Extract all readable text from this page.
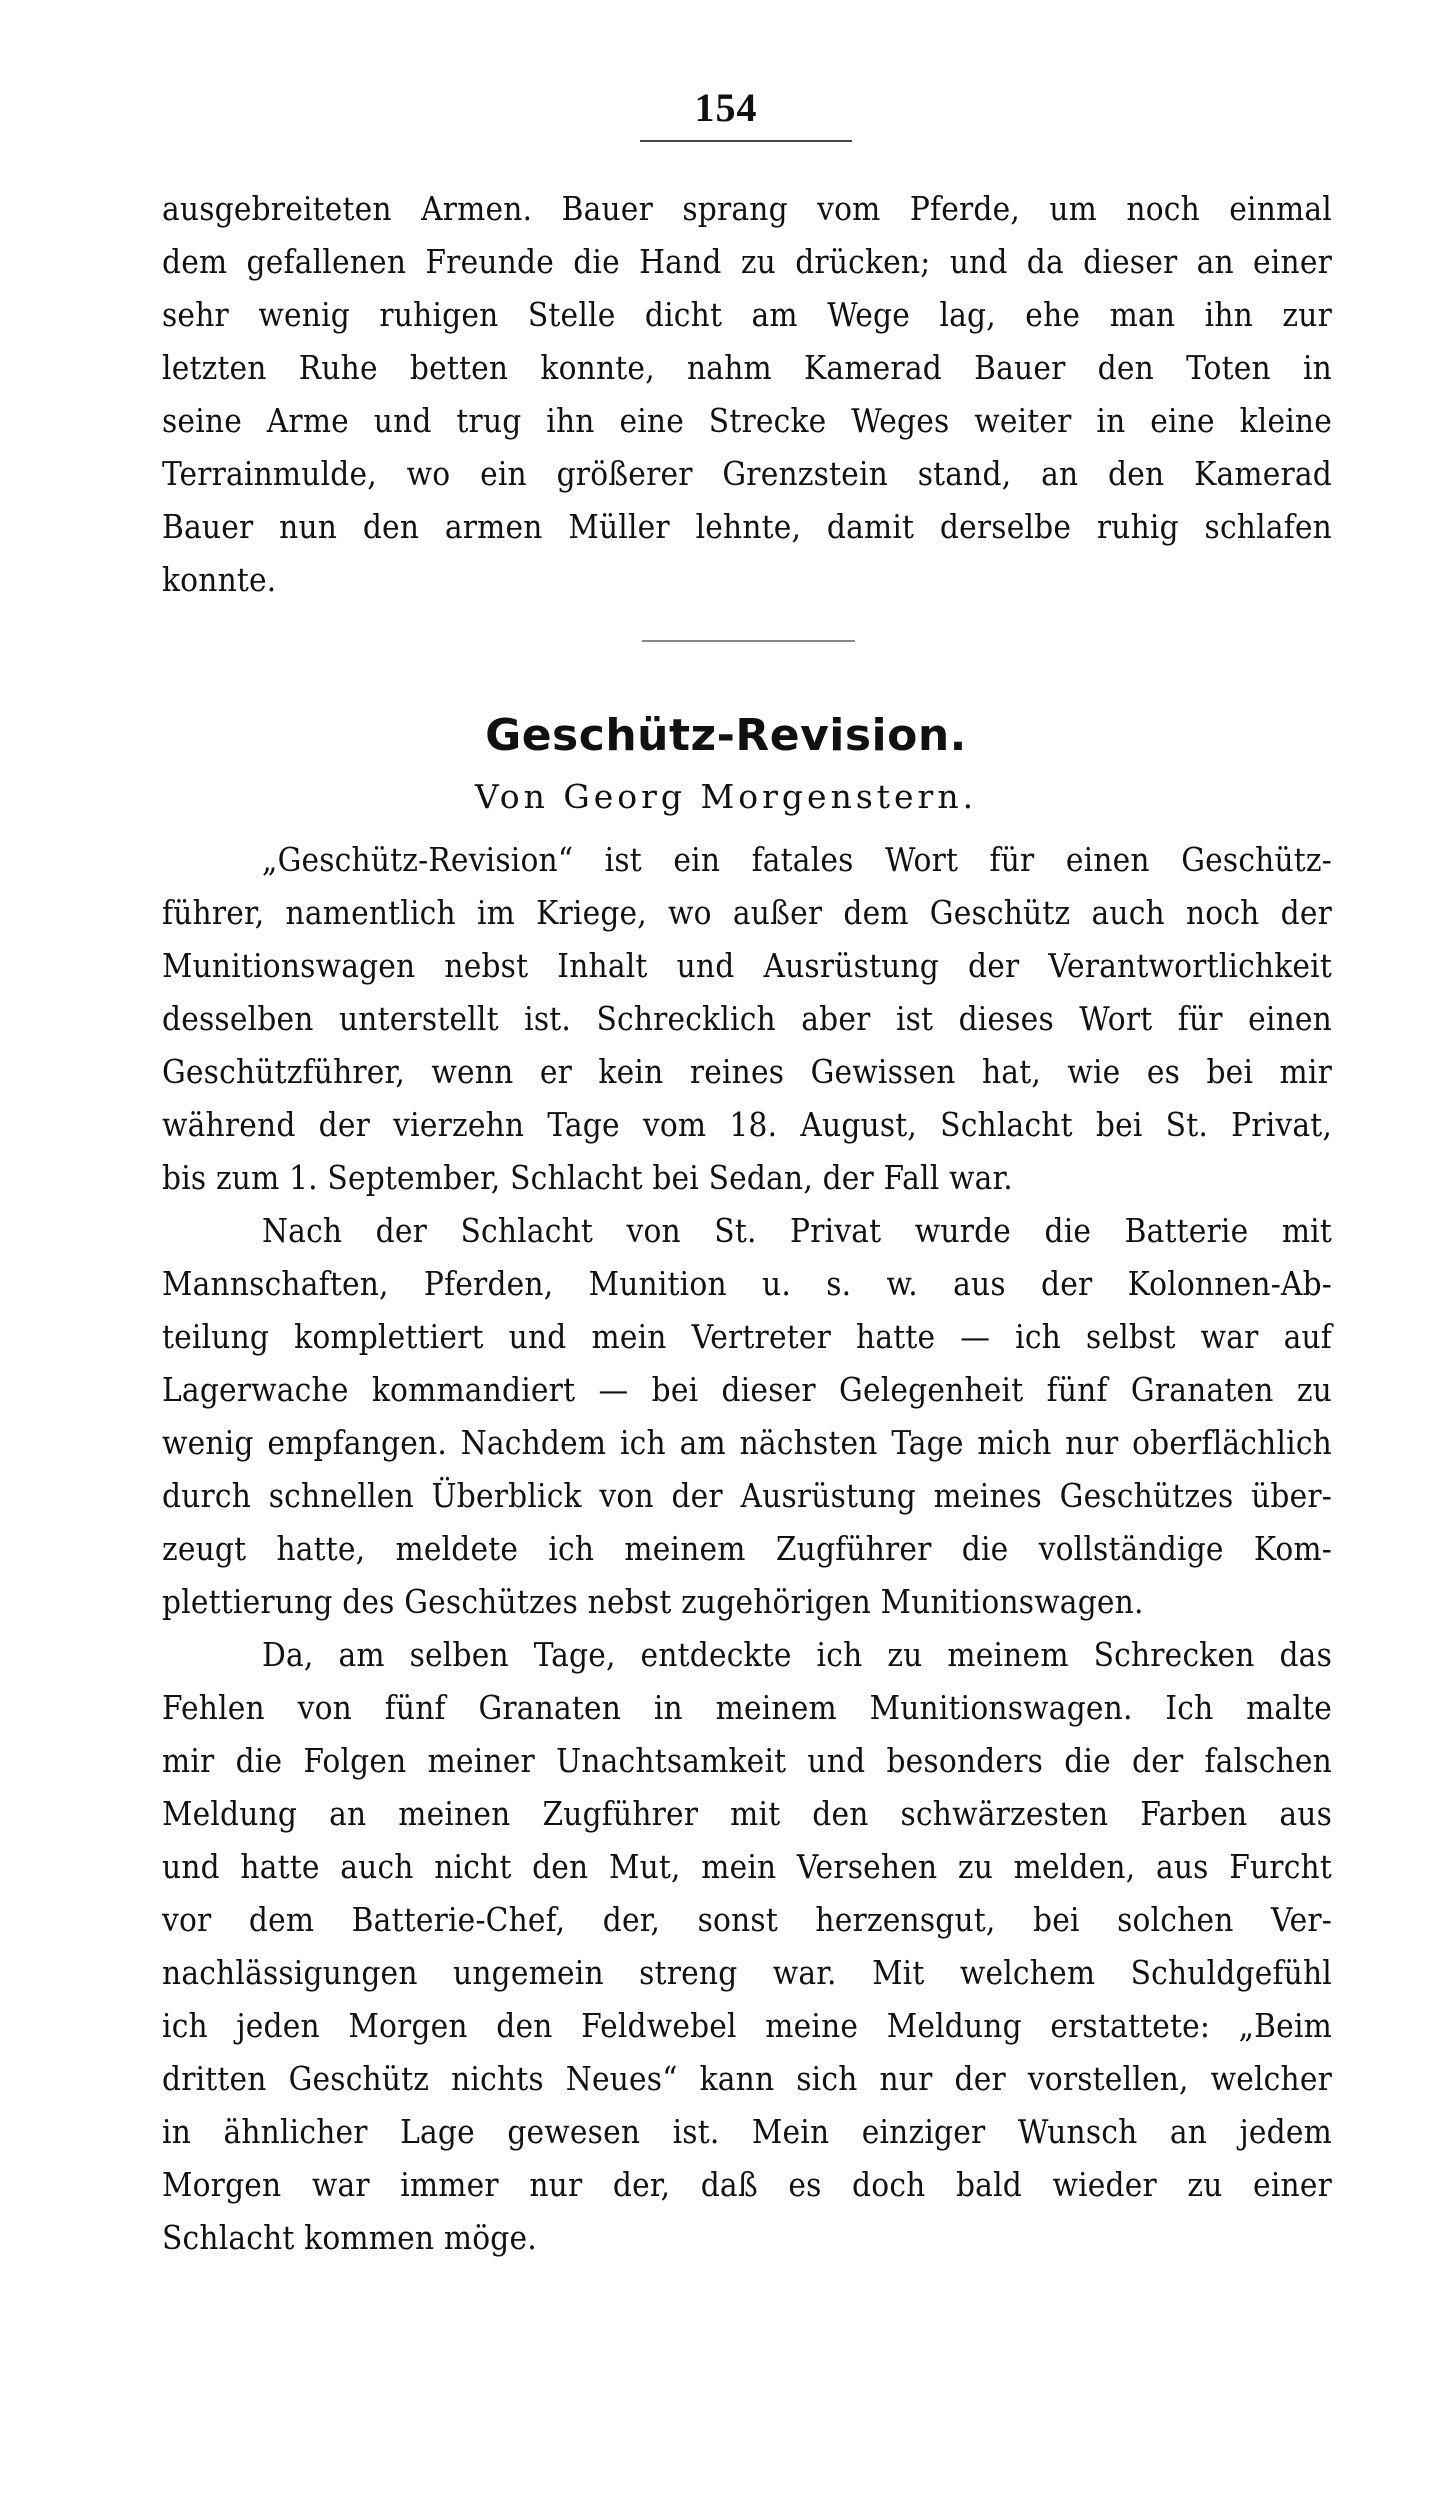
154
ausgebreiteten Armen. Bauer sprang vom Pferde, um noch einmal
dem gefallenen Freunde die Hand zu drücken; und da dieser an einer
sehr wenig ruhigen Stelle dicht am Wege lag, ehe man ihn zur
letzten Ruhe betten konnte, nahm Kamerad Bauer den Toten in
seine Arme und trug ihn eine Strecke Weges weiter in eine kleine
Terrainmulde, wo ein größerer Grenzstein stand, an den Kamerad
Bauer nun den armen Müller lehnte, damit derselbe ruhig schlafen
konnte.
Geschütz-Revision.
Von Georg Morgenstern.
„Geschütz-Revision“ ist ein fatales Wort für einen Geschütz-
führer, namentlich im Kriege, wo außer dem Geschütz auch noch der
Munitionswagen nebst Inhalt und Ausrüstung der Verantwortlichkeit
desselben unterstellt ist. Schrecklich aber ist dieses Wort für einen
Geschützführer, wenn er kein reines Gewissen hat, wie es bei mir
während der vierzehn Tage vom 18. August, Schlacht bei St. Privat,
bis zum 1. September, Schlacht bei Sedan, der Fall war.
Nach der Schlacht von St. Privat wurde die Batterie mit
Mannschaften, Pferden, Munition u. s. w. aus der Kolonnen-Ab-
teilung komplettiert und mein Vertreter hatte — ich selbst war auf
Lagerwache kommandiert — bei dieser Gelegenheit fünf Granaten zu
wenig empfangen. Nachdem ich am nächsten Tage mich nur oberflächlich
durch schnellen Überblick von der Ausrüstung meines Geschützes über-
zeugt hatte, meldete ich meinem Zugführer die vollständige Kom-
plettierung des Geschützes nebst zugehörigen Munitionswagen.
Da, am selben Tage, entdeckte ich zu meinem Schrecken das
Fehlen von fünf Granaten in meinem Munitionswagen. Ich malte
mir die Folgen meiner Unachtsamkeit und besonders die der falschen
Meldung an meinen Zugführer mit den schwärzesten Farben aus
und hatte auch nicht den Mut, mein Versehen zu melden, aus Furcht
vor dem Batterie-Chef, der, sonst herzensgut, bei solchen Ver-
nachlässigungen ungemein streng war. Mit welchem Schuldgefühl
ich jeden Morgen den Feldwebel meine Meldung erstattete: „Beim
dritten Geschütz nichts Neues“ kann sich nur der vorstellen, welcher
in ähnlicher Lage gewesen ist. Mein einziger Wunsch an jedem
Morgen war immer nur der, daß es doch bald wieder zu einer
Schlacht kommen möge.
